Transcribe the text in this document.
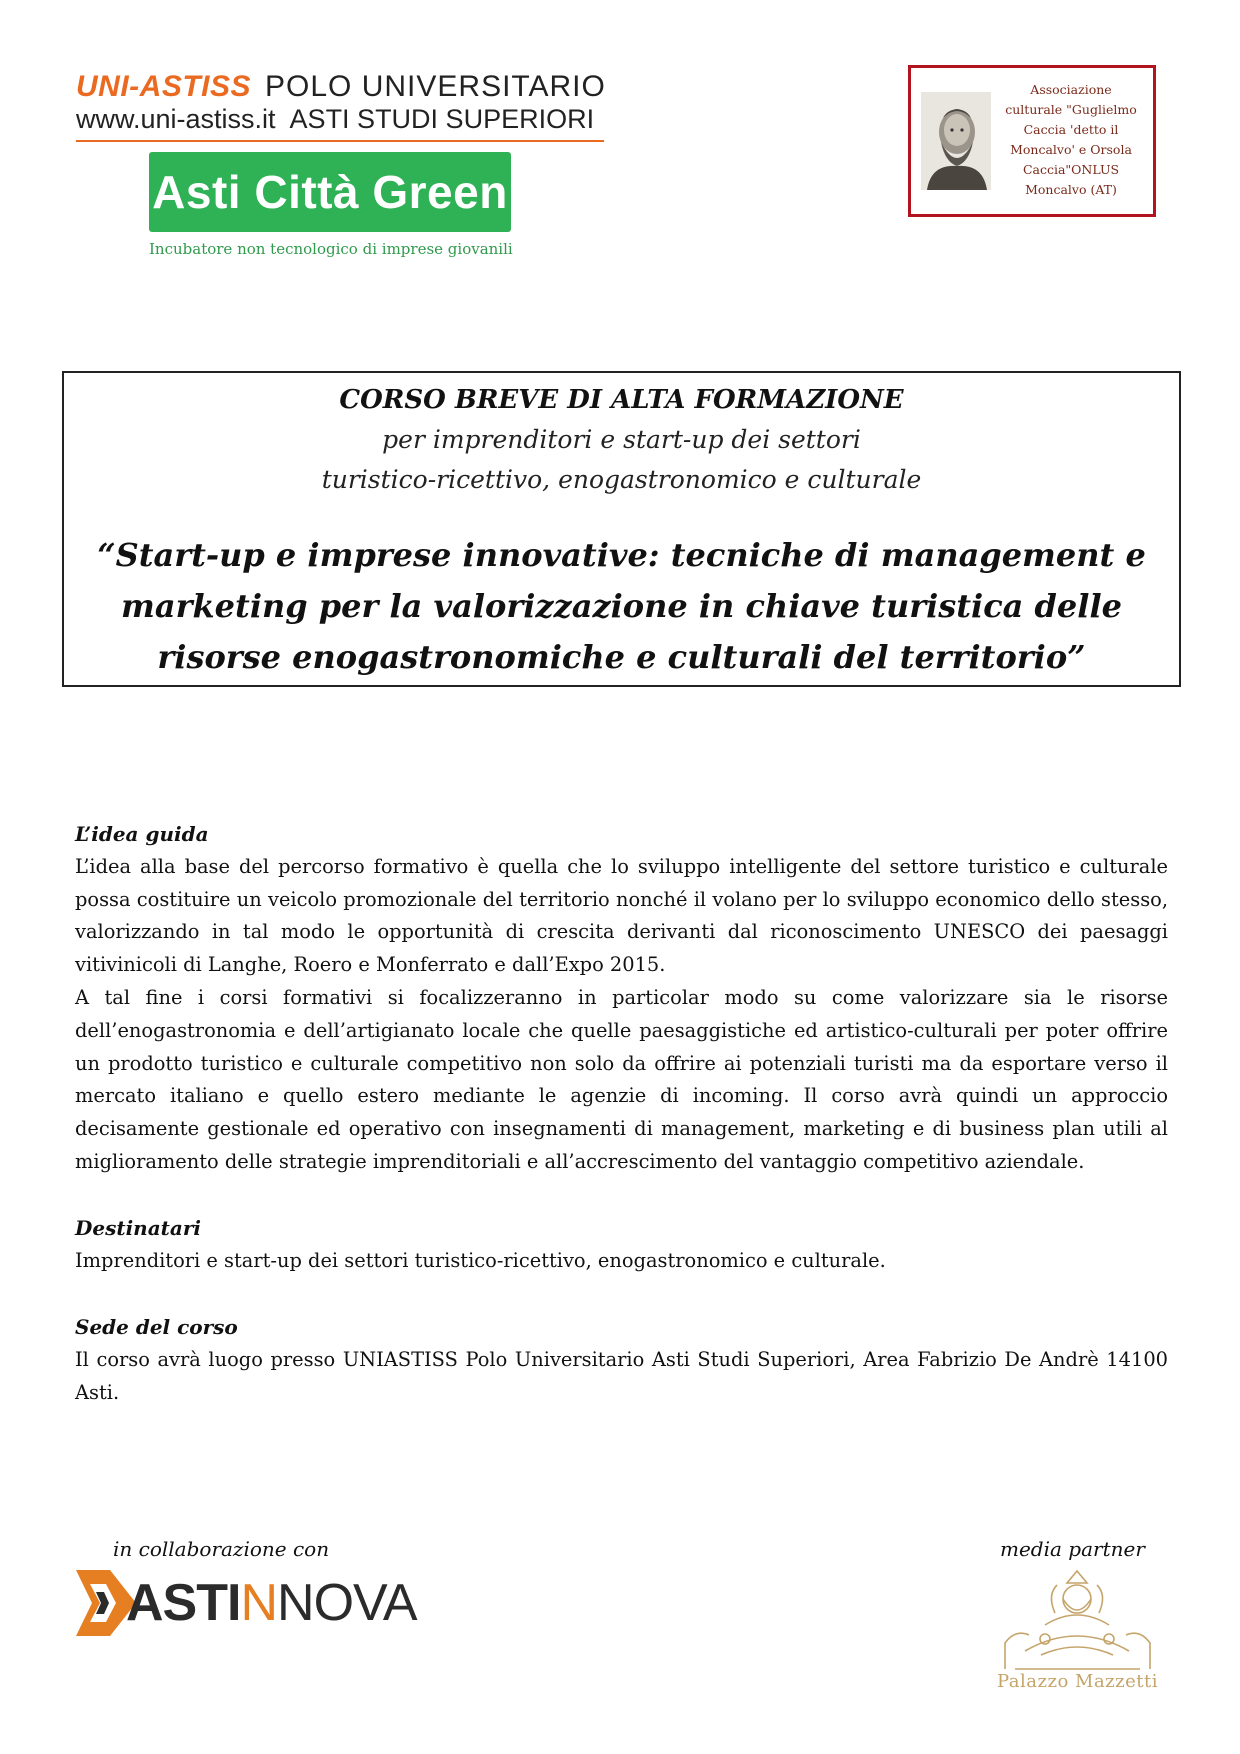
UNI-ASTISS POLO UNIVERSITARIO
www.uni-astiss.it ASTI STUDI SUPERIORI
Asti Città Green
Incubatore non tecnologico di imprese giovanili
Associazione
culturale "Guglielmo
Caccia 'detto il
Moncalvo' e Orsola
Caccia"ONLUS
Moncalvo (AT)
CORSO BREVE DI ALTA FORMAZIONE
per imprenditori e start-up dei settori
turistico-ricettivo, enogastronomico e culturale
“Start-up e imprese innovative: tecniche di management e marketing per la valorizzazione in chiave turistica delle risorse enogastronomiche e culturali del territorio”
L’idea guida
L’idea alla base del percorso formativo è quella che lo sviluppo intelligente del settore turistico e culturale possa costituire un veicolo promozionale del territorio nonché il volano per lo sviluppo economico dello stesso, valorizzando in tal modo le opportunità di crescita derivanti dal riconoscimento UNESCO dei paesaggi vitivinicoli di Langhe, Roero e Monferrato e dall’Expo 2015.
A tal fine i corsi formativi si focalizzeranno in particolar modo su come valorizzare sia le risorse dell’enogastronomia e dell’artigianato locale che quelle paesaggistiche ed artistico-culturali per poter offrire un prodotto turistico e culturale competitivo non solo da offrire ai potenziali turisti ma da esportare verso il mercato italiano e quello estero mediante le agenzie di incoming. Il corso avrà quindi un approccio decisamente gestionale ed operativo con insegnamenti di management, marketing e di business plan utili al miglioramento delle strategie imprenditoriali e all’accrescimento del vantaggio competitivo aziendale.
Destinatari
Imprenditori e start-up dei settori turistico-ricettivo, enogastronomico e culturale.
Sede del corso
Il corso avrà luogo presso UNIASTISS Polo Universitario Asti Studi Superiori, Area Fabrizio De Andrè 14100 Asti.
in collaborazione con	media partner
ASTINNOVA
Palazzo Mazzetti
